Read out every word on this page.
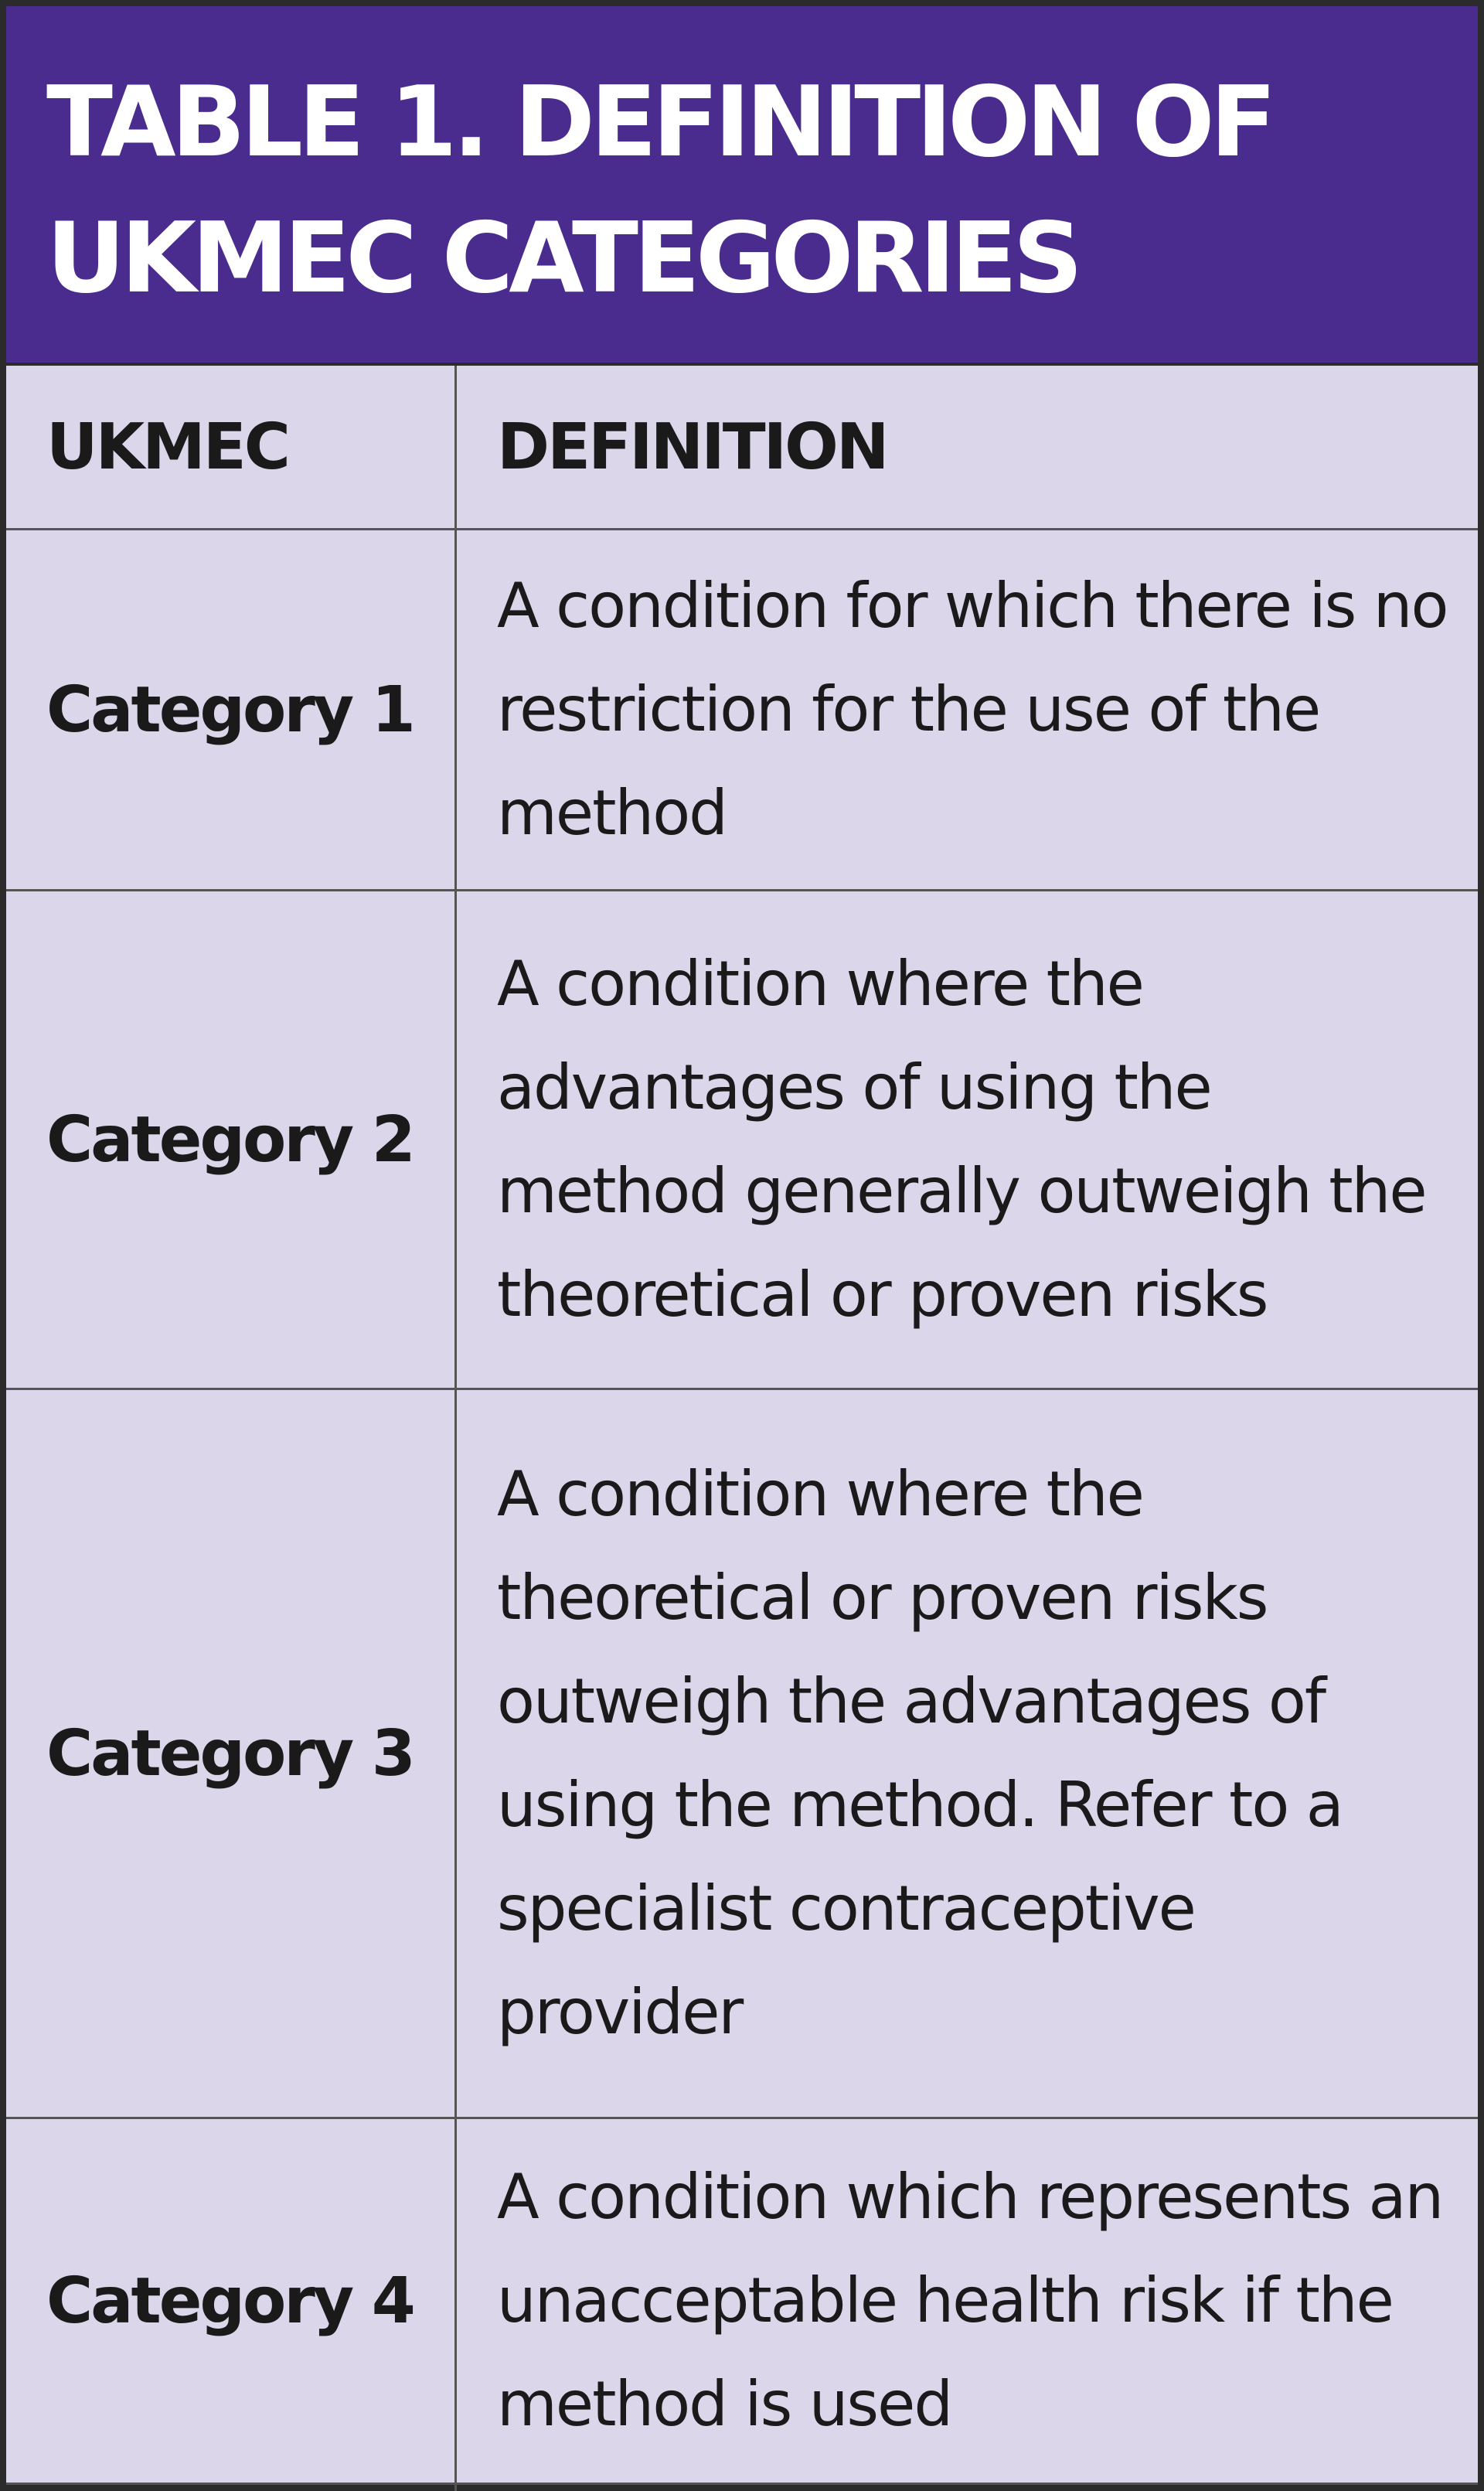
TABLE 1. DEFINITION OF UKMEC CATEGORIES
UKMEC	DEFINITION
Category 1
A condition for which there is no restriction for the use of the method
Category 2
A condition where the advantages of using the method generally outweigh the theoretical or proven risks
Category 3
A condition where the theoretical or proven risks outweigh the advantages of using the method. Refer to a specialist contraceptive provider
Category 4
A condition which represents an unacceptable health risk if the method is used
